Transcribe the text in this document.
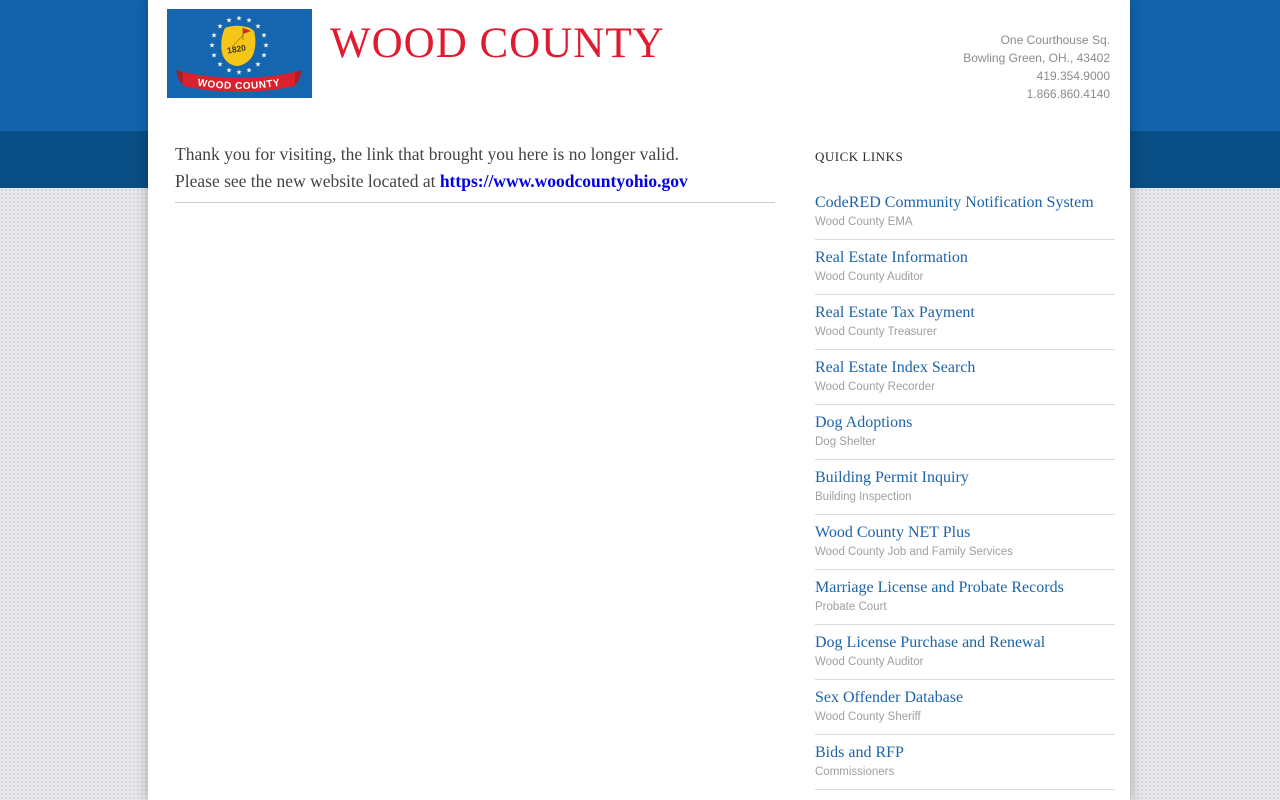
★ ★
★
★
★
★
★
★
★
★
★
★
★
★
★
★
1820
WOOD COUNTY
WOOD COUNTY	One Courthouse Sq.
Bowling Green, OH., 43402
419.354.9000
1.866.860.4140
Thank you for visiting, the link that brought you here is no longer valid.
Please see the new website located at https://www.woodcountyohio.gov
QUICK LINKS
CodeRED Community Notification System
Wood County EMA
Real Estate Information
Wood County Auditor
Real Estate Tax Payment
Wood County Treasurer
Real Estate Index Search
Wood County Recorder
Dog Adoptions
Dog Shelter
Building Permit Inquiry
Building Inspection
Wood County NET Plus
Wood County Job and Family Services
Marriage License and Probate Records
Probate Court
Dog License Purchase and Renewal
Wood County Auditor
Sex Offender Database
Wood County Sheriff
Bids and RFP
Commissioners
